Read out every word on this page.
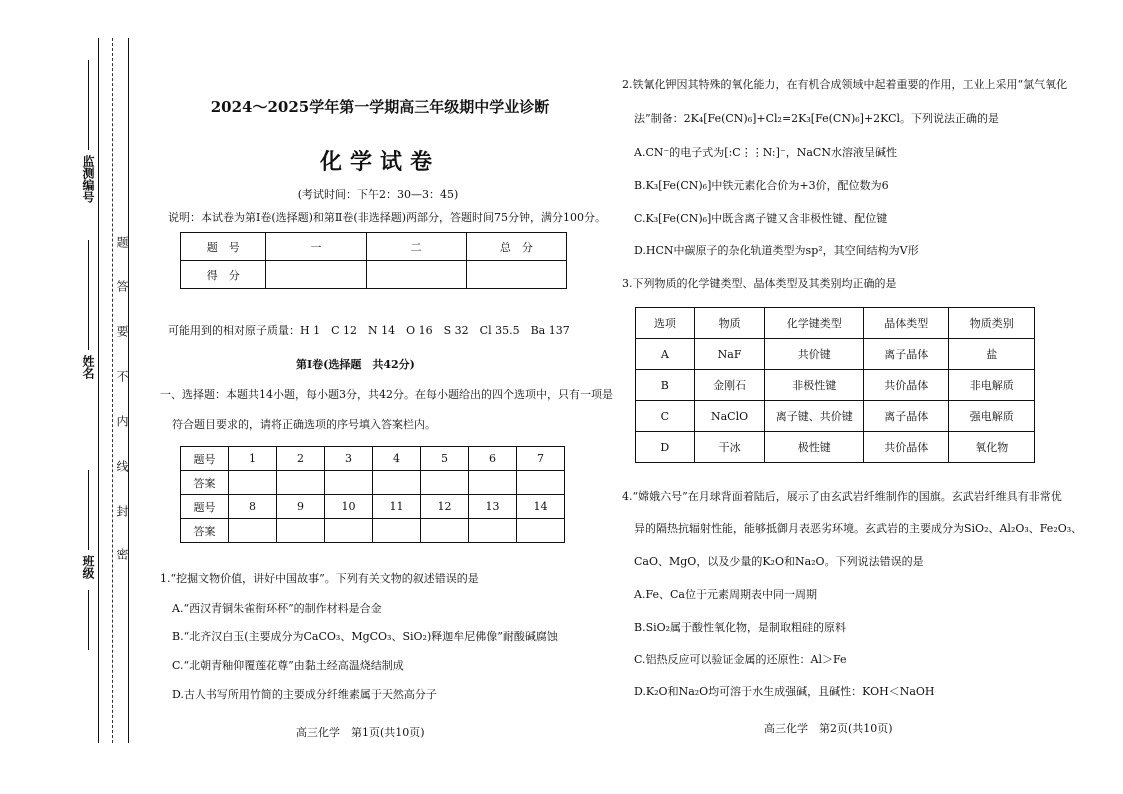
监测编号
姓名
班级
题
答
要
不
内
线
封
密
2024～2025学年第一学期高三年级期中学业诊断
化学试卷
(考试时间：下午2：30—3：45)
说明：本试卷为第Ⅰ卷(选择题)和第Ⅱ卷(非选择题)两部分，答题时间75分钟，满分100分。
题　号	一	二	总　分
得　分			
可能用到的相对原子质量：H 1　C 12　N 14　O 16　S 32　Cl 35.5　Ba 137
第Ⅰ卷(选择题　共42分)
一、选择题：本题共14小题，每小题3分，共42分。在每小题给出的四个选项中，只有一项是
符合题目要求的，请将正确选项的序号填入答案栏内。
题号	1	2	3	4	5	6	7
答案							
题号	8	9	10	11	12	13	14
答案							
1.“挖掘文物价值，讲好中国故事”。下列有关文物的叙述错误的是
A.“西汉青铜朱雀衔环杯”的制作材料是合金
B.“北齐汉白玉(主要成分为CaCO₃、MgCO₃、SiO₂)释迦牟尼佛像”耐酸碱腐蚀
C.“北朝青釉仰覆莲花尊”由黏土经高温烧结制成
D.古人书写所用竹简的主要成分纤维素属于天然高分子
高三化学　第1页(共10页)
2.铁氰化钾因其特殊的氧化能力，在有机合成领域中起着重要的作用，工业上采用“氯气氧化
法”制备：2K₄[Fe(CN)₆]+Cl₂=2K₃[Fe(CN)₆]+2KCl。下列说法正确的是
A.CN⁻的电子式为[:C⋮⋮N:]⁻，NaCN水溶液呈碱性
B.K₃[Fe(CN)₆]中铁元素化合价为+3价，配位数为6
C.K₃[Fe(CN)₆]中既含离子键又含非极性键、配位键
D.HCN中碳原子的杂化轨道类型为sp²，其空间结构为V形
3.下列物质的化学键类型、晶体类型及其类别均正确的是
选项	物质	化学键类型	晶体类型	物质类别
A	NaF	共价键	离子晶体	盐
B	金刚石	非极性键	共价晶体	非电解质
C	NaClO	离子键、共价键	离子晶体	强电解质
D	干冰	极性键	共价晶体	氧化物
4.“嫦娥六号”在月球背面着陆后，展示了由玄武岩纤维制作的国旗。玄武岩纤维具有非常优
异的隔热抗辐射性能，能够抵御月表恶劣环境。玄武岩的主要成分为SiO₂、Al₂O₃、Fe₂O₃、
CaO、MgO，以及少量的K₂O和Na₂O。下列说法错误的是
A.Fe、Ca位于元素周期表中同一周期
B.SiO₂属于酸性氧化物，是制取粗硅的原料
C.铝热反应可以验证金属的还原性：Al＞Fe
D.K₂O和Na₂O均可溶于水生成强碱，且碱性：KOH＜NaOH
高三化学　第2页(共10页)
